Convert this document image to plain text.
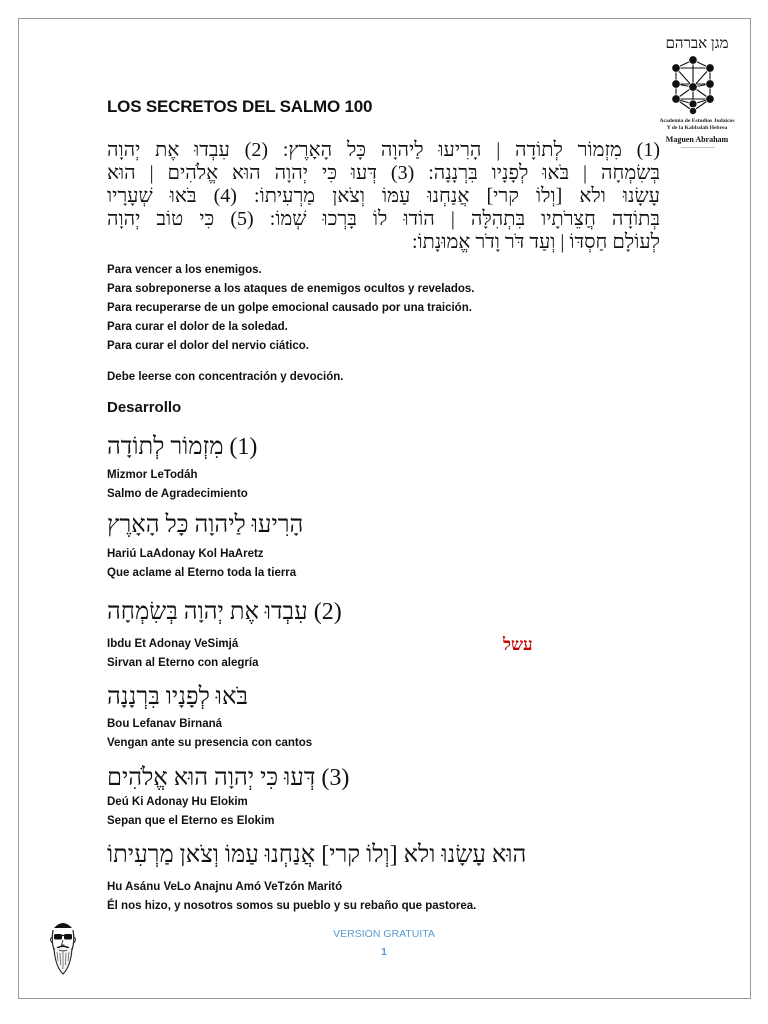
מגן אברהם
Academia de Estudios Judaicos
Y de la Kabbalah Hebrea
Maguen Abraham
LOS SECRETOS DEL SALMO 100
(1) מִזְמוֹר לְתוֹדָה | הָרִיעוּ לַיהוָה כָּל הָאָרֶץ: (2) עִבְדוּ אֶת יְהוָה
בְּשִׂמְחָה | בֹּאוּ לְפָנָיו בִּרְנָנָה: (3) דְּעוּ כִּי יְהוָה הוּא אֱלֹהִים | הוּא
עָשָׂנוּ ולא [וְלוֹ קרי] אֲנַחְנוּ עַמּוֹ וְצֹאן מַרְעִיתוֹ: (4) בֹּאוּ שְׁעָרָיו
בְּתוֹדָה חֲצֵרֹתָיו בִּתְהִלָּה | הוֹדוּ לוֹ בָּרְכוּ שְׁמוֹ: (5) כִּי טוֹב יְהוָה
לְעוֹלָם חַסְדּוֹ | וְעַד דֹּר וָדֹר אֱמוּנָתוֹ:
Para vencer a los enemigos.
Para sobreponerse a los ataques de enemigos ocultos y revelados.
Para recuperarse de un golpe emocional causado por una traición.
Para curar el dolor de la soledad.
Para curar el dolor del nervio ciático.
Debe leerse con concentración y devoción.
Desarrollo
(1) מִזְמוֹר לְתוֹדָה
Mizmor LeTodáh
Salmo de Agradecimiento
הָרִיעוּ לַיהוָה כָּל הָאָרֶץ
Hariú LaAdonay Kol HaAretz
Que aclame al Eterno toda la tierra
(2) עִבְדוּ אֶת יְהוָה בְּשִׂמְחָה
Ibdu Et Adonay VeSimjá
Sirvan al Eterno con alegría
בֹּאוּ לְפָנָיו בִּרְנָנָה
Bou Lefanav Birnaná
Vengan ante su presencia con cantos
(3) דְּעוּ כִּי יְהוָה הוּא אֱלֹהִים
Deú Ki Adonay Hu Elokim
Sepan que el Eterno es Elokim
הוּא עָשָׂנוּ ולא [וְלוֹ קרי] אֲנַחְנוּ עַמּוֹ וְצֹאן מַרְעִיתוֹ
Hu Asánu VeLo Anajnu Amó VeTzón Maritó
Él nos hizo, y nosotros somos su pueblo y su rebaño que pastorea.
עשל
VERSION GRATUITA
1
